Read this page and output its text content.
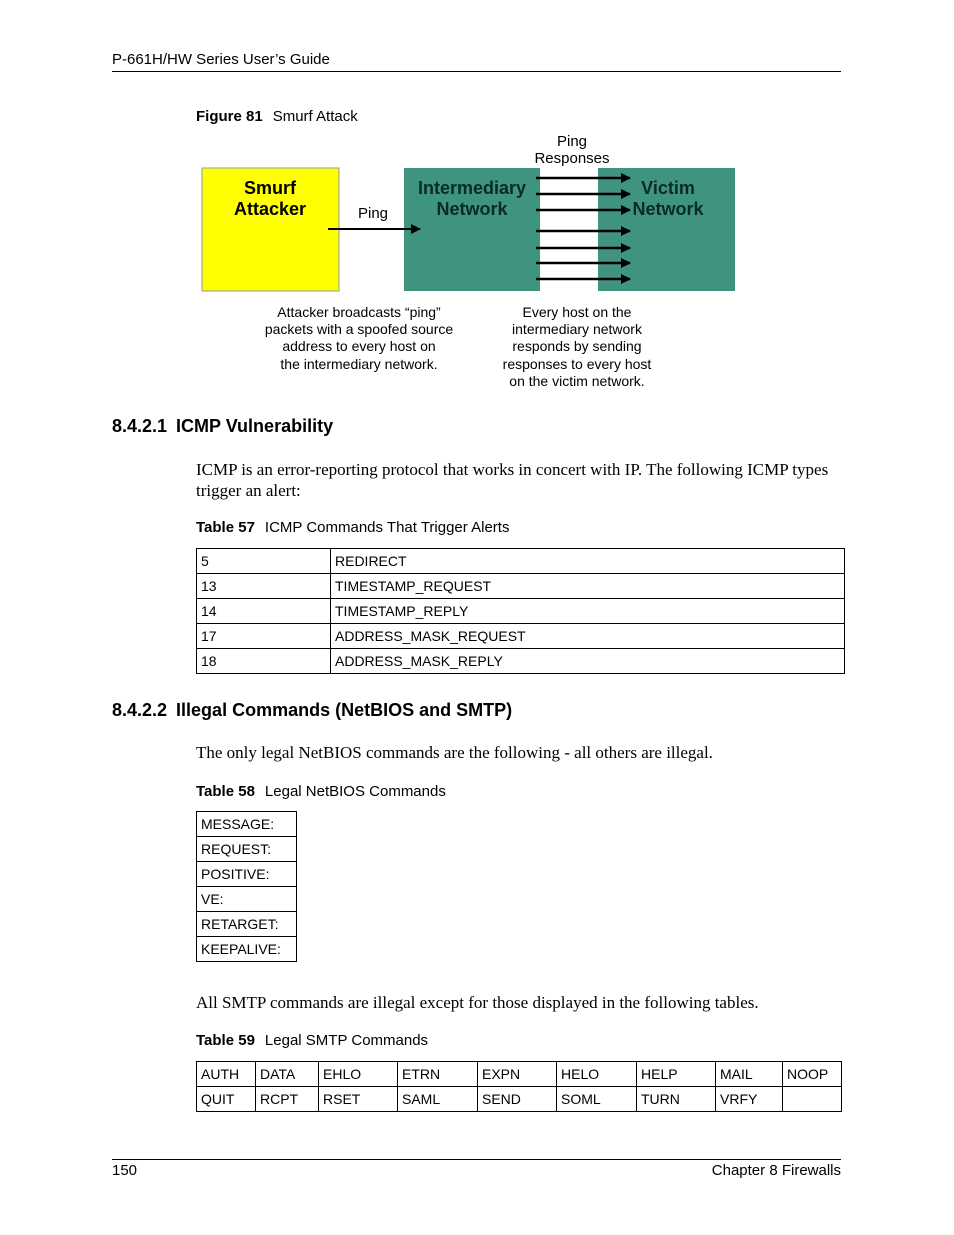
P-661H/HW Series User’s Guide
Figure 81 Smurf Attack
Smurf
Attacker
Intermediary
Network
Victim
Network
Ping
Ping
Responses
Attacker broadcasts “ping”
packets with a spoofed source
address to every host on
the intermediary network.
Every host on the
intermediary network
responds by sending
responses to every host
on the victim network.
8.4.2.1 ICMP Vulnerability

ICMP is an error-reporting protocol that works in concert with IP. The following ICMP types
trigger an alert:

Table 57 ICMP Commands That Trigger Alerts
5	REDIRECT
13	TIMESTAMP_REQUEST
14	TIMESTAMP_REPLY
17	ADDRESS_MASK_REQUEST
18	ADDRESS_MASK_REPLY
8.4.2.2 Illegal Commands (NetBIOS and SMTP)

The only legal NetBIOS commands are the following - all others are illegal.

Table 58 Legal NetBIOS Commands
MESSAGE:
REQUEST:
POSITIVE:
VE:
RETARGET:
KEEPALIVE:

All SMTP commands are illegal except for those displayed in the following tables.

Table 59 Legal SMTP Commands
AUTH	DATA	EHLO	ETRN	EXPN	HELO	HELP	MAIL	NOOP
QUIT	RCPT	RSET	SAML	SEND	SOML	TURN	VRFY	
150	Chapter 8 Firewalls
